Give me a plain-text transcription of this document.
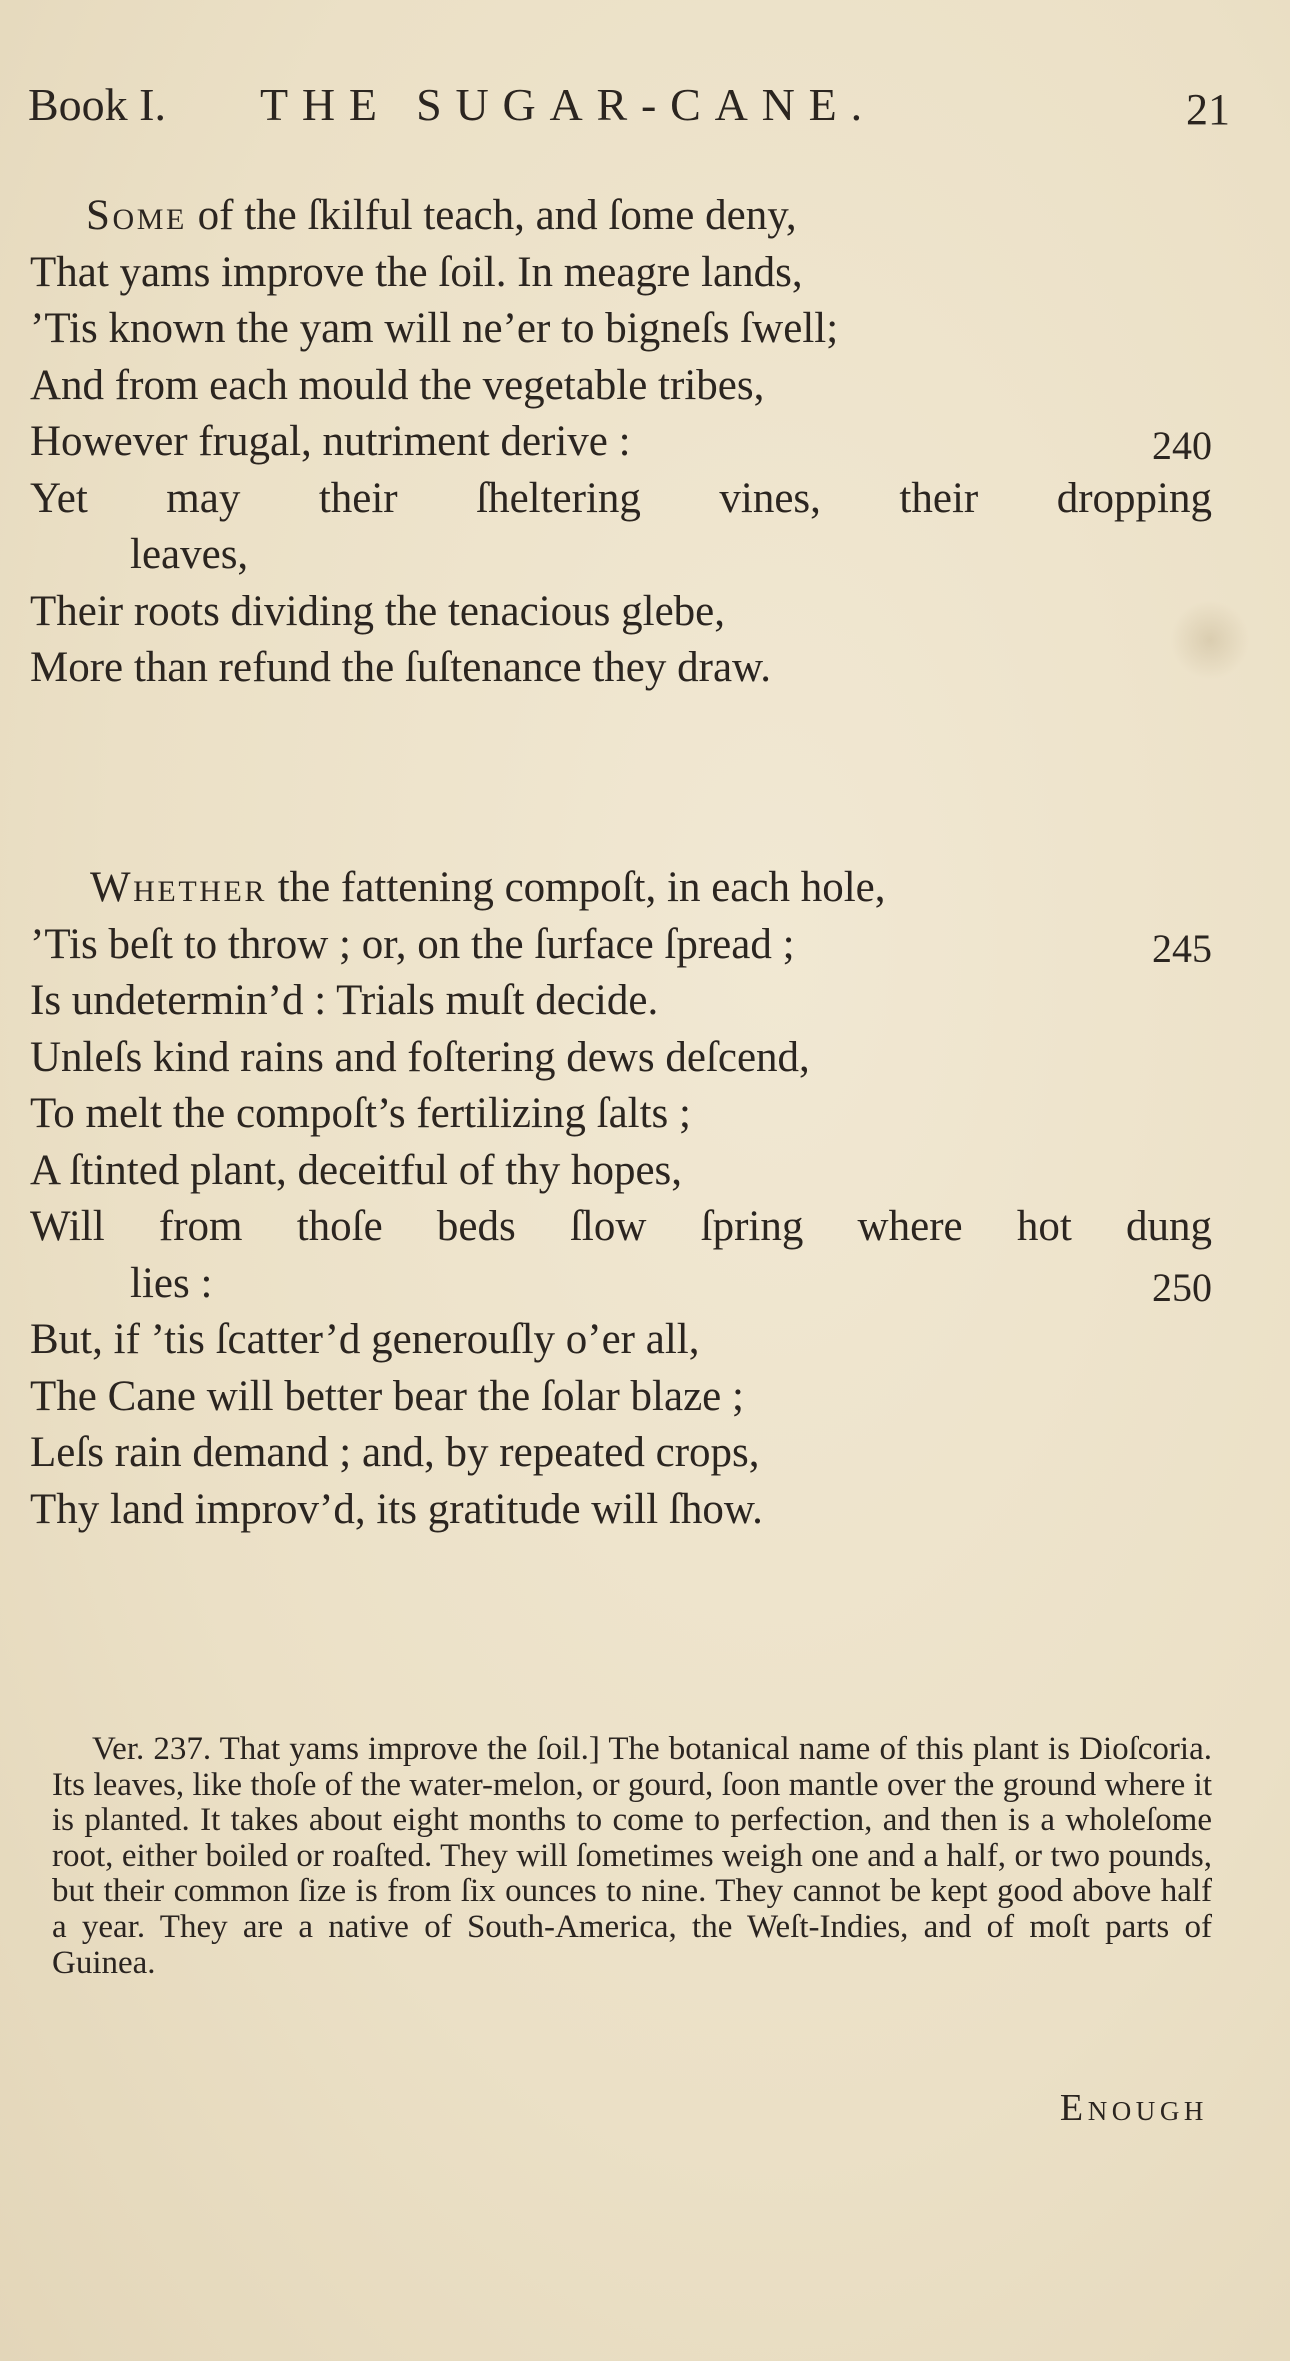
Book I. THE SUGAR-CANE.	21
Some of the ſkilful teach, and ſome deny,
That yams improve the ſoil. In meagre lands,
’Tis known the yam will ne’er to bigneſs ſwell;
And from each mould the vegetable tribes,
However frugal, nutriment derive :	240
Yet may their ſheltering vines, their dropping
leaves,
Their roots dividing the tenacious glebe,
More than refund the ſuſtenance they draw.
Whether the fattening compoſt, in each hole,
’Tis beſt to throw ; or, on the ſurface ſpread ;	245
Is undetermin’d : Trials muſt decide.
Unleſs kind rains and foſtering dews deſcend,
To melt the compoſt’s fertilizing ſalts ;
A ſtinted plant, deceitful of thy hopes,
Will from thoſe beds ſlow ſpring where hot dung
lies :	250
But, if ’tis ſcatter’d generouſly o’er all,
The Cane will better bear the ſolar blaze ;
Leſs rain demand ; and, by repeated crops,
Thy land improv’d, its gratitude will ſhow.

Ver. 237. That yams improve the ſoil.] The botanical name of this plant is Dioſcoria. Its leaves, like thoſe of the water-melon, or gourd, ſoon mantle over the ground where it is planted. It takes about eight months to come to perfection, and then is a wholeſome root, either boiled or roaſted. They will ſometimes weigh one and a half, or two pounds, but their common ſize is from ſix ounces to nine. They cannot be kept good above half a year. They are a native of South-America, the Weſt-Indies, and of moſt parts of Guinea.

Enough
